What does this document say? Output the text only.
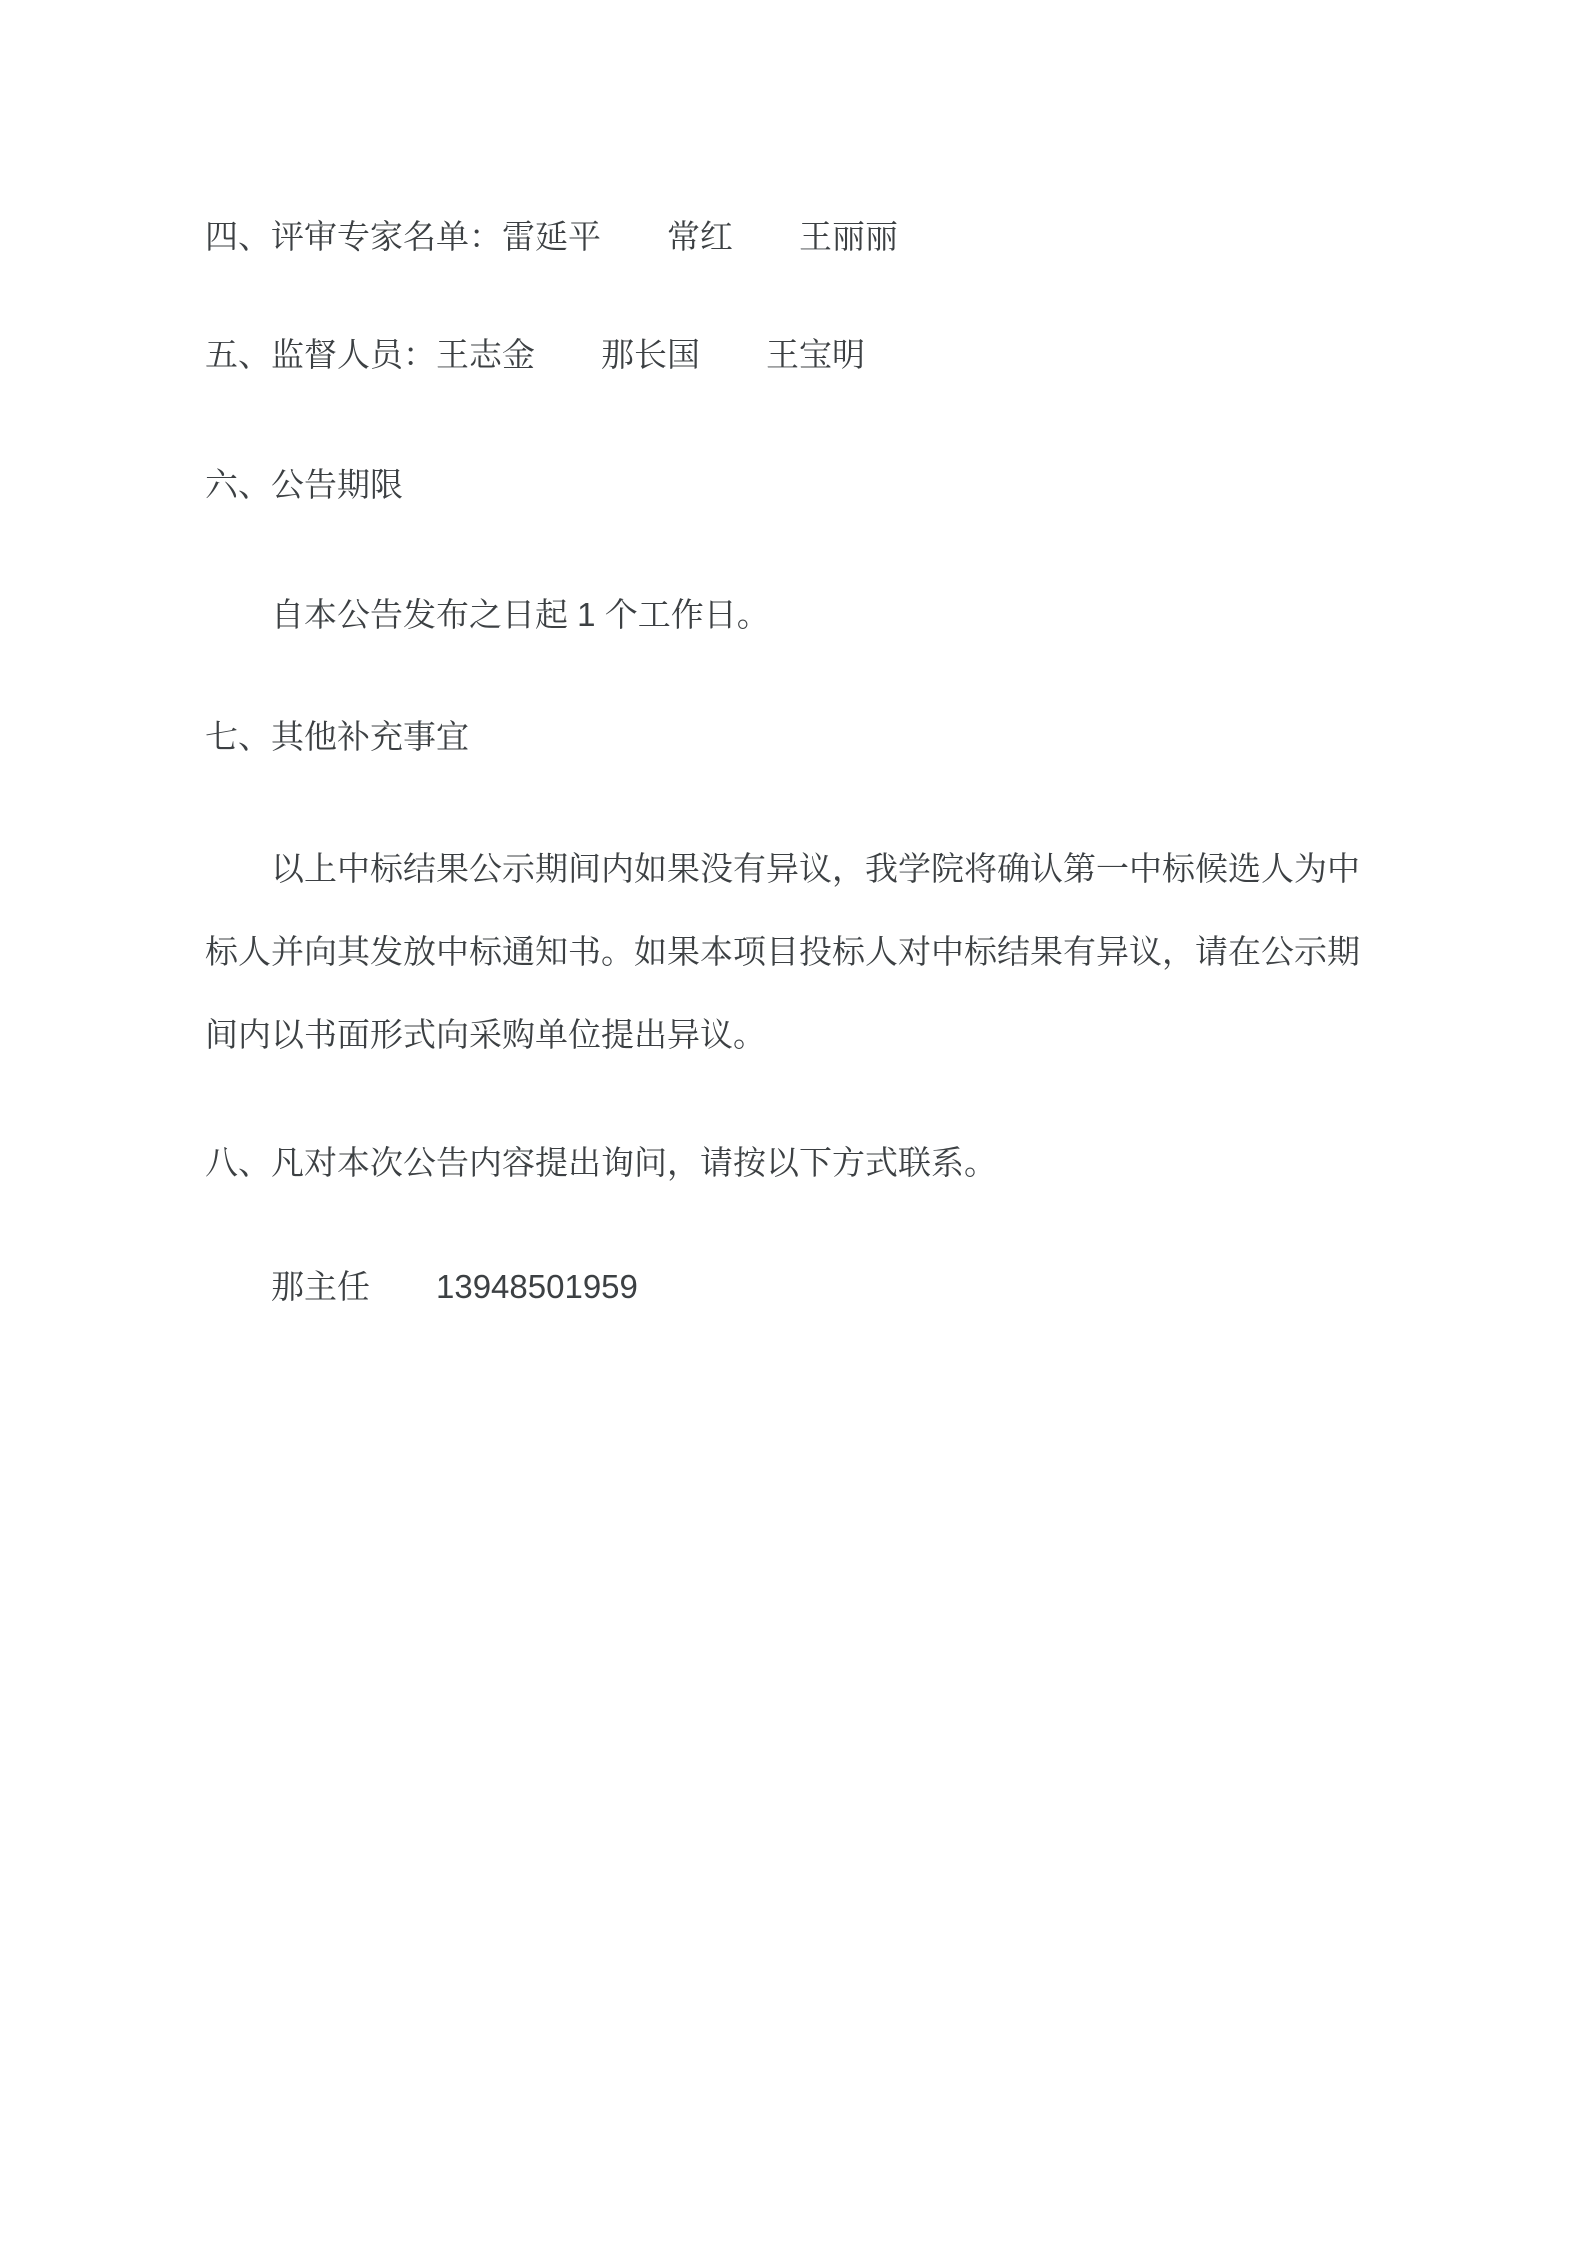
四、评审专家名单：雷延平　　常红　　王丽丽

五、监督人员：王志金　　那长国　　王宝明

六、公告期限

自本公告发布之日起 1 个工作日。

七、其他补充事宜

以上中标结果公示期间内如果没有异议，我学院将确认第一中标候选人为中标人并向其发放中标通知书。如果本项目投标人对中标结果有异议，请在公示期间内以书面形式向采购单位提出异议。

八、凡对本次公告内容提出询问，请按以下方式联系。

那主任　　13948501959
